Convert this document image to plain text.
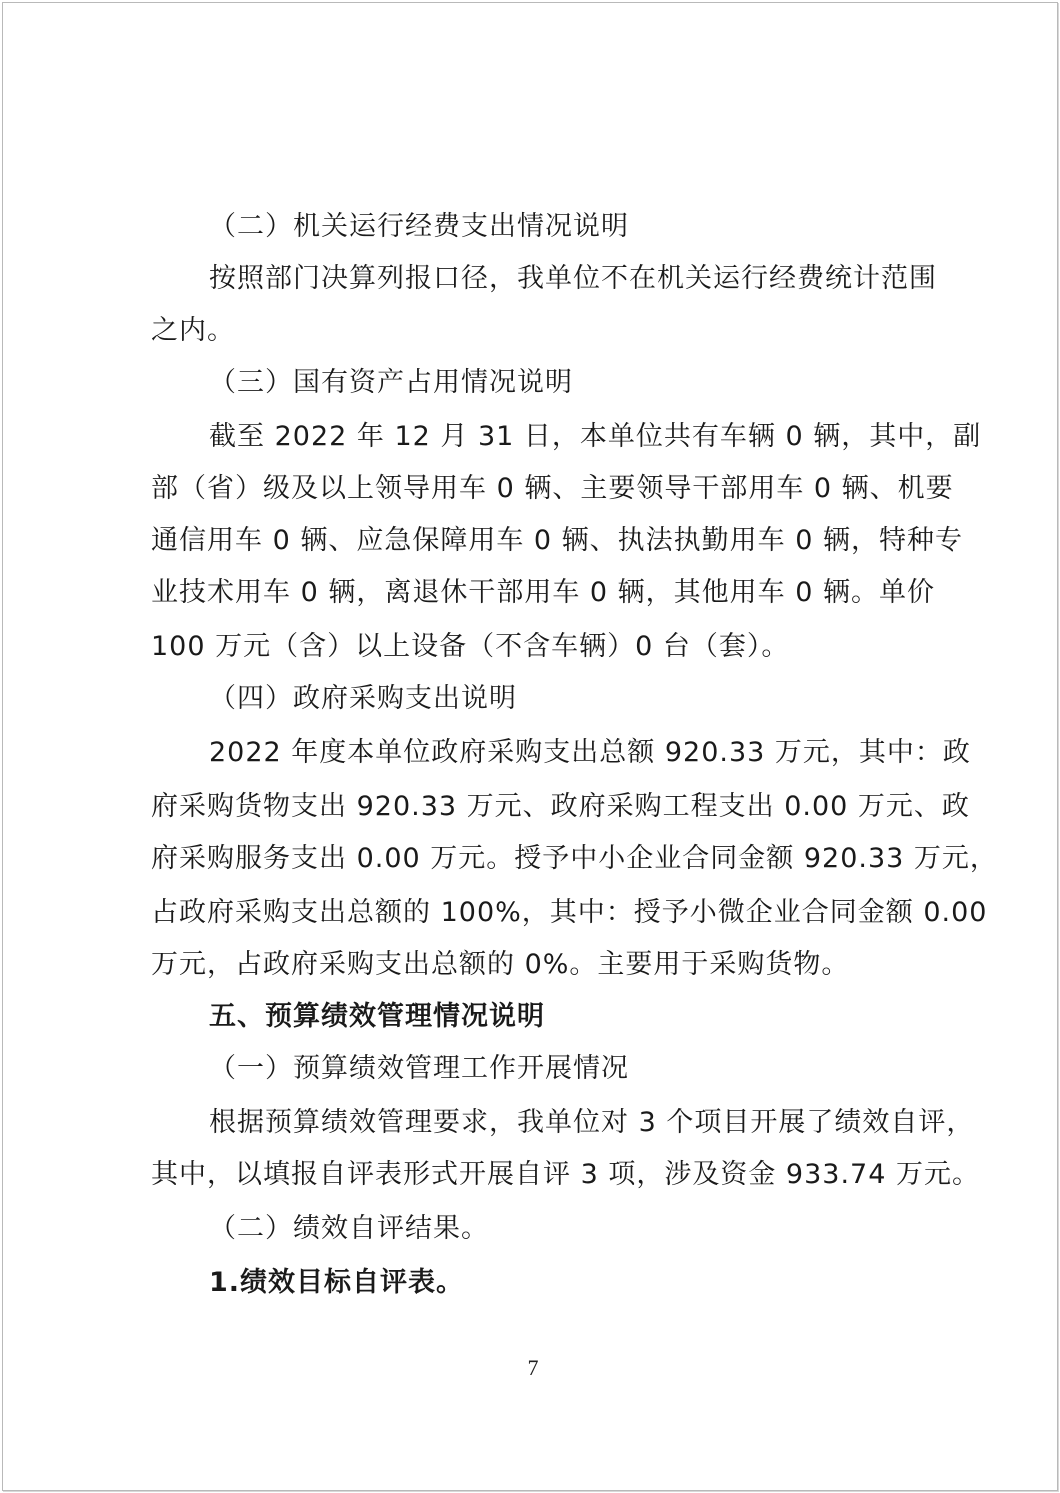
（二）机关运行经费支出情况说明
按照部门决算列报口径，我单位不在机关运行经费统计范围
之内。
（三）国有资产占用情况说明
截至 2022 年 12 月 31 日，本单位共有车辆 0 辆，其中，副
部（省）级及以上领导用车 0 辆、主要领导干部用车 0 辆、机要
通信用车 0 辆、应急保障用车 0 辆、执法执勤用车 0 辆，特种专
业技术用车 0 辆，离退休干部用车 0 辆，其他用车 0 辆。单价
100 万元（含）以上设备（不含车辆）0 台（套）。
（四）政府采购支出说明
2022 年度本单位政府采购支出总额 920.33 万元，其中：政
府采购货物支出 920.33 万元、政府采购工程支出 0.00 万元、政
府采购服务支出 0.00 万元。授予中小企业合同金额 920.33 万元，
占政府采购支出总额的 100%，其中：授予小微企业合同金额 0.00
万元，占政府采购支出总额的 0%。主要用于采购货物。
五、预算绩效管理情况说明
（一）预算绩效管理工作开展情况
根据预算绩效管理要求，我单位对 3 个项目开展了绩效自评，
其中，以填报自评表形式开展自评 3 项，涉及资金 933.74 万元。
（二）绩效自评结果。
1.绩效目标自评表。
7
